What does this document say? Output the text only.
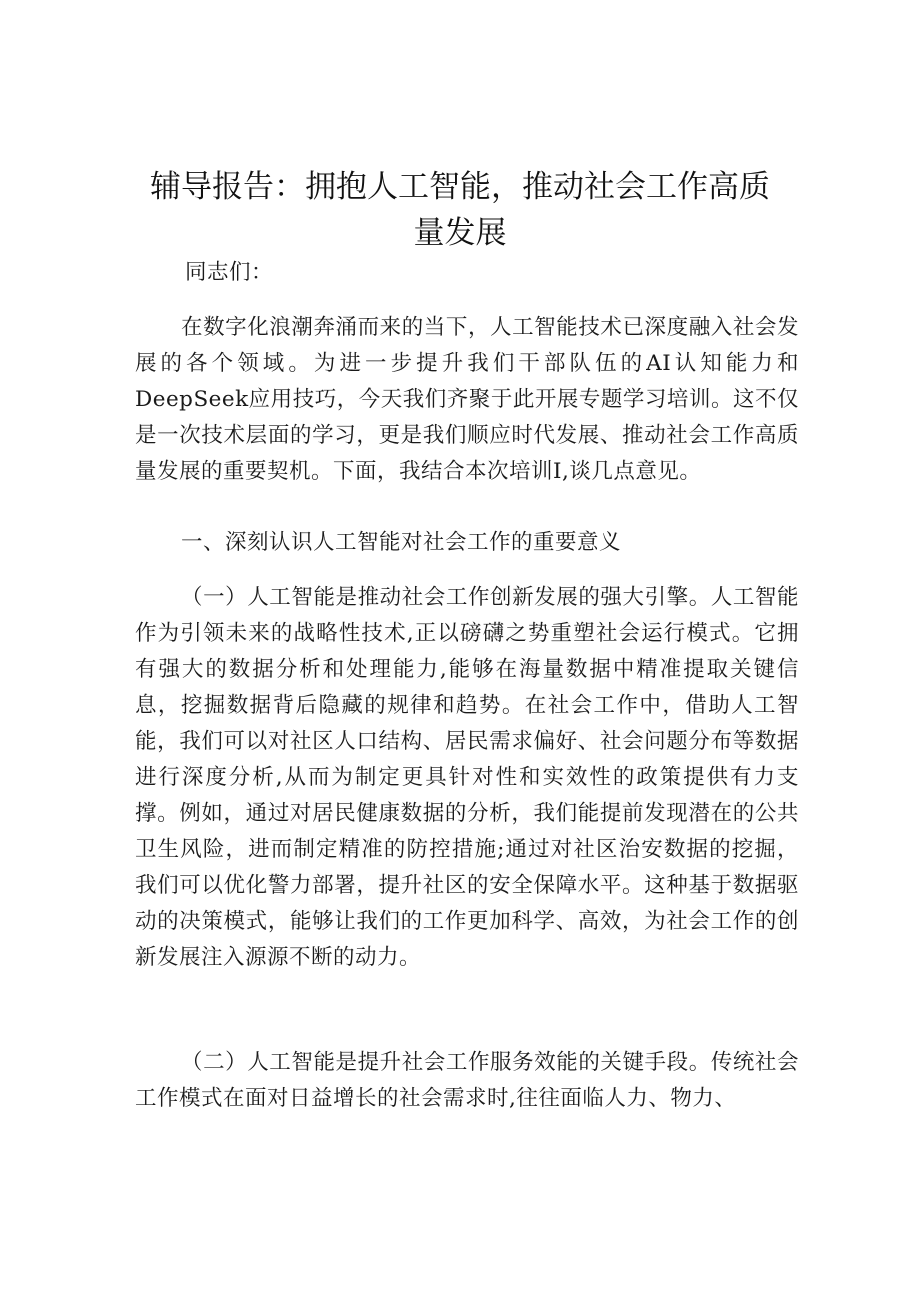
辅导报告：拥抱人工智能，推动社会工作高质
量发展

同志们：

在数字化浪潮奔涌而来的当下，人工智能技术已深度融入社会发展的各个领域。为进一步提升我们干部队伍的AI认知能力和DeepSeek应用技巧，今天我们齐聚于此开展专题学习培训。这不仅是一次技术层面的学习，更是我们顺应时代发展、推动社会工作高质量发展的重要契机。下面，我结合本次培训I,谈几点意见。

一、深刻认识人工智能对社会工作的重要意义

（一）人工智能是推动社会工作创新发展的强大引擎。人工智能作为引领未来的战略性技术,正以磅礴之势重塑社会运行模式。它拥有强大的数据分析和处理能力,能够在海量数据中精准提取关键信息，挖掘数据背后隐藏的规律和趋势。在社会工作中，借助人工智能，我们可以对社区人口结构、居民需求偏好、社会问题分布等数据进行深度分析,从而为制定更具针对性和实效性的政策提供有力支撑。例如，通过对居民健康数据的分析，我们能提前发现潜在的公共卫生风险，进而制定精准的防控措施;通过对社区治安数据的挖掘，我们可以优化警力部署，提升社区的安全保障水平。这种基于数据驱动的决策模式，能够让我们的工作更加科学、高效，为社会工作的创新发展注入源源不断的动力。

（二）人工智能是提升社会工作服务效能的关键手段。传统社会工作模式在面对日益增长的社会需求时,往往面临人力、物力、
